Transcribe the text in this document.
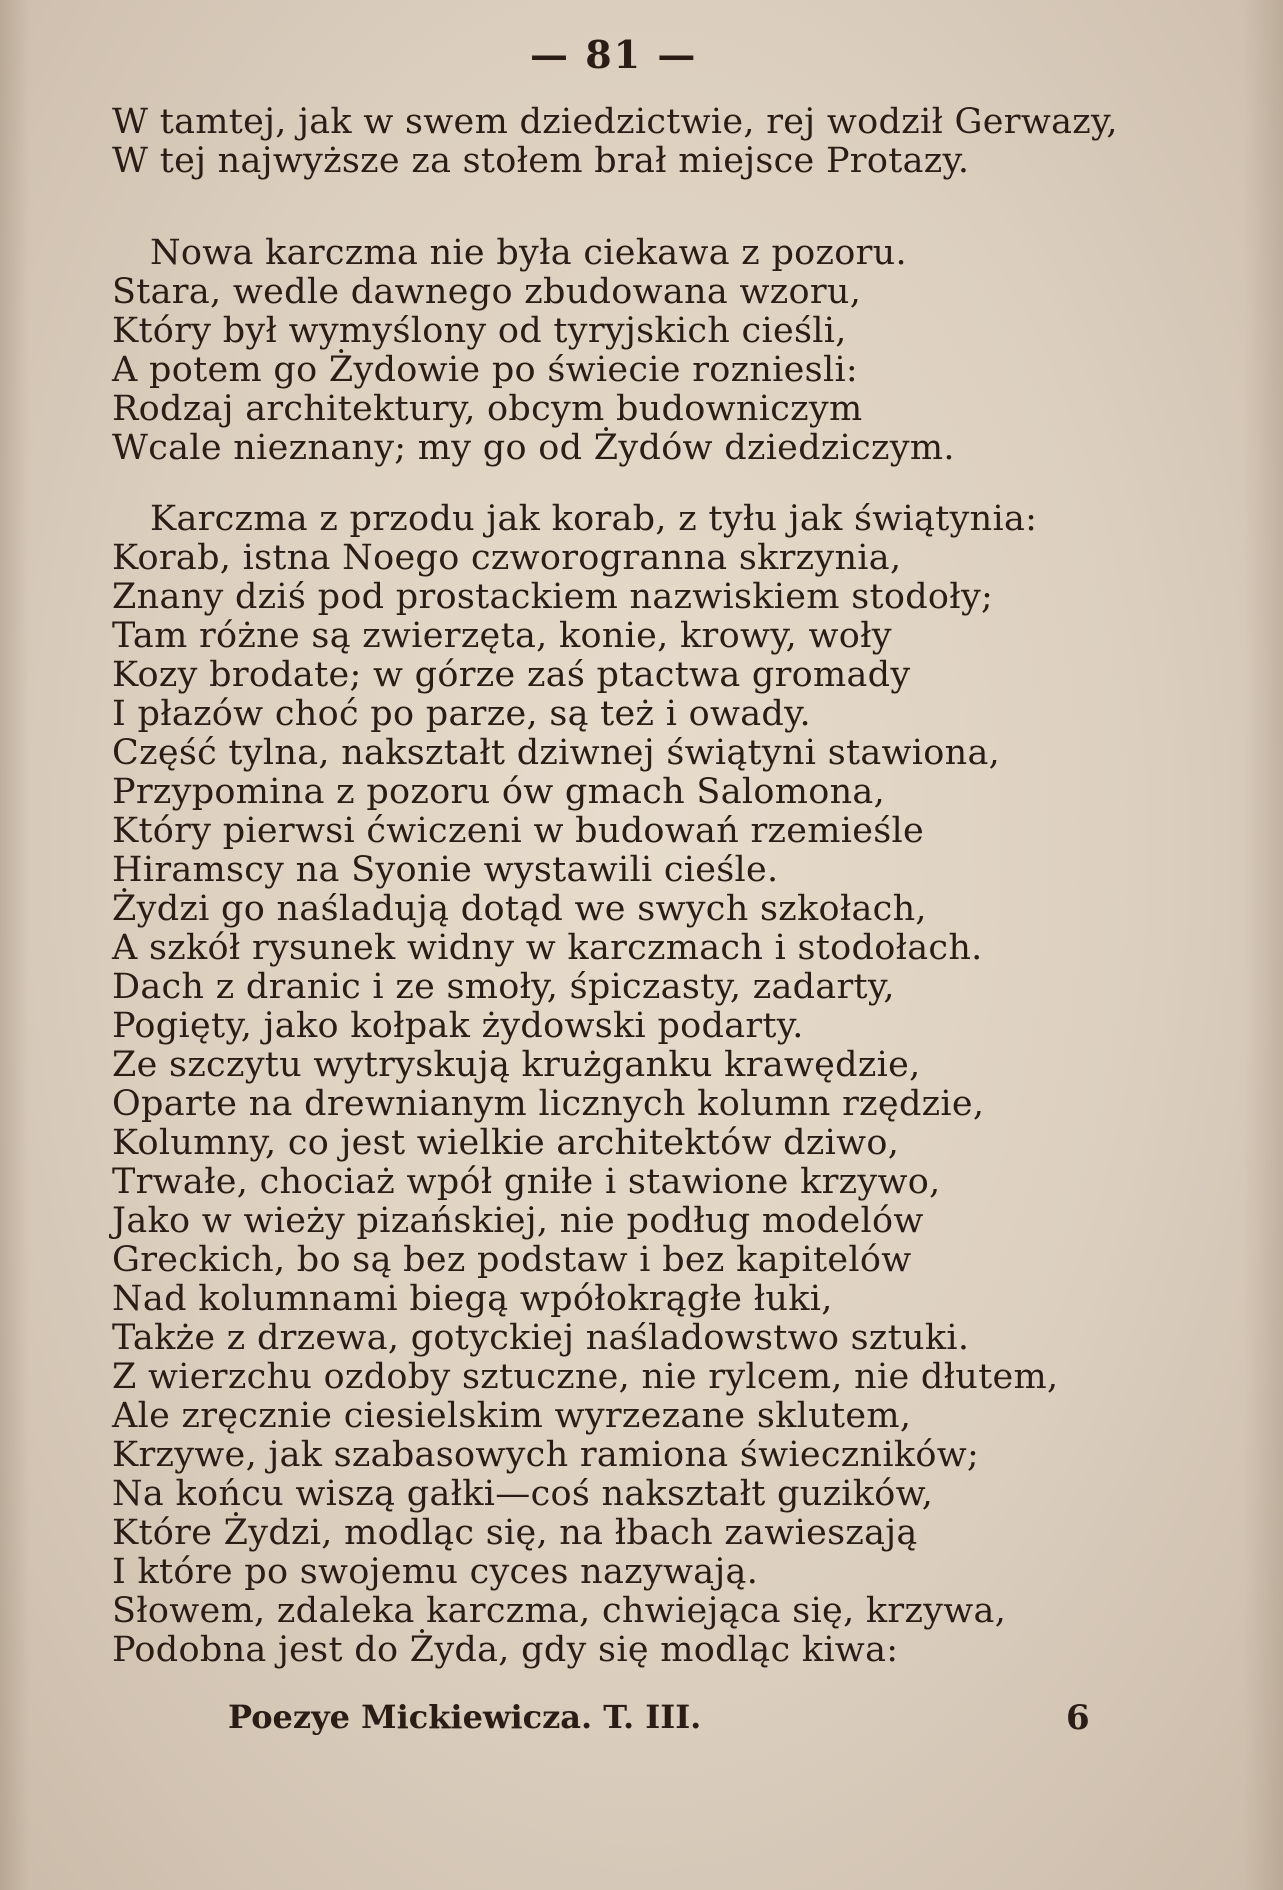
— 81 —
W tamtej, jak w swem dziedzictwie, rej wodził Gerwazy,
W tej najwyższe za stołem brał miejsce Protazy.
Nowa karczma nie była ciekawa z pozoru.
Stara, wedle dawnego zbudowana wzoru,
Który był wymyślony od tyryjskich cieśli,
A potem go Żydowie po świecie rozniesli:
Rodzaj architektury, obcym budowniczym
Wcale nieznany; my go od Żydów dziedziczym.
Karczma z przodu jak korab, z tyłu jak świątynia:
Korab, istna Noego czworogranna skrzynia,
Znany dziś pod prostackiem nazwiskiem stodoły;
Tam różne są zwierzęta, konie, krowy, woły
Kozy brodate; w górze zaś ptactwa gromady
I płazów choć po parze, są też i owady.
Część tylna, nakształt dziwnej świątyni stawiona,
Przypomina z pozoru ów gmach Salomona,
Który pierwsi ćwiczeni w budowań rzemieśle
Hiramscy na Syonie wystawili cieśle.
Żydzi go naśladują dotąd we swych szkołach,
A szkół rysunek widny w karczmach i stodołach.
Dach z dranic i ze smoły, śpiczasty, zadarty,
Pogięty, jako kołpak żydowski podarty.
Ze szczytu wytryskują krużganku krawędzie,
Oparte na drewnianym licznych kolumn rzędzie,
Kolumny, co jest wielkie architektów dziwo,
Trwałe, chociaż wpół gniłe i stawione krzywo,
Jako w wieży pizańskiej, nie podług modelów
Greckich, bo są bez podstaw i bez kapitelów
Nad kolumnami biegą wpółokrągłe łuki,
Także z drzewa, gotyckiej naśladowstwo sztuki.
Z wierzchu ozdoby sztuczne, nie rylcem, nie dłutem,
Ale zręcznie ciesielskim wyrzezane sklutem,
Krzywe, jak szabasowych ramiona świeczników;
Na końcu wiszą gałki—coś nakształt guzików,
Które Żydzi, modląc się, na łbach zawieszają
I które po swojemu cyces nazywają.
Słowem, zdaleka karczma, chwiejąca się, krzywa,
Podobna jest do Żyda, gdy się modląc kiwa:
Poezye Mickiewicza. T. III.	6
